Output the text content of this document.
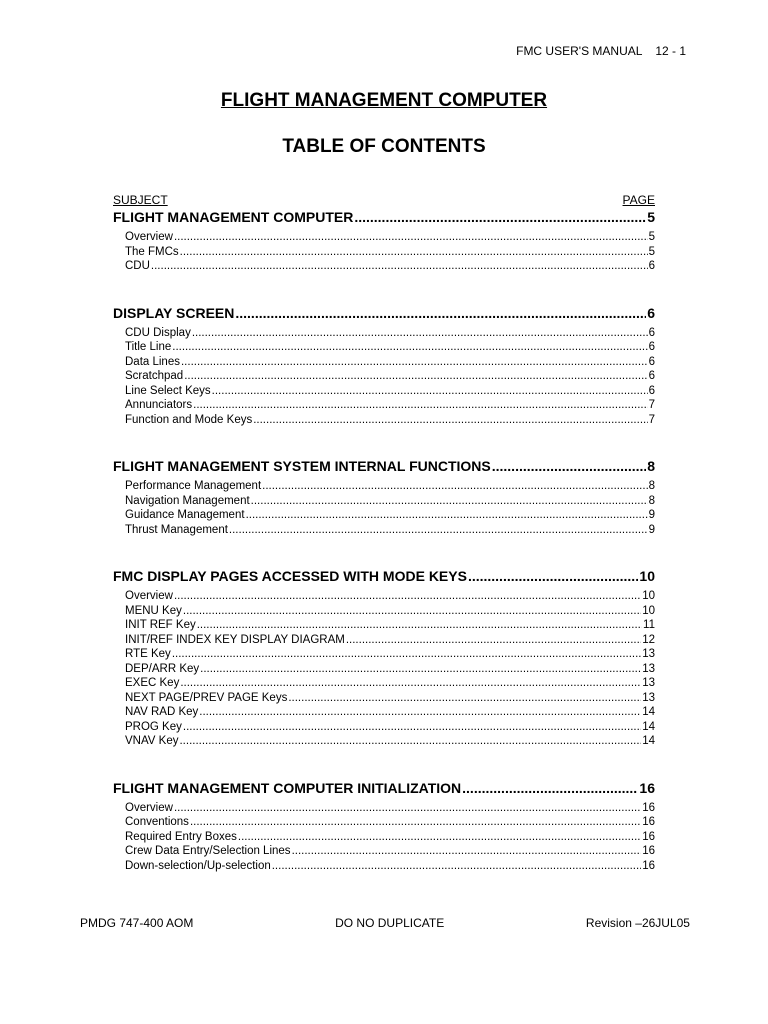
FMC USER'S MANUAL 12 - 1
FLIGHT MANAGEMENT COMPUTER
TABLE OF CONTENTS
SUBJECT	PAGE
FLIGHT MANAGEMENT COMPUTER .....	5
Overview .....	5
The FMCs .....	5
CDU .....	6
DISPLAY SCREEN .....	6
CDU Display .....	6
Title Line .....	6
Data Lines .....	6
Scratchpad .....	6
Line Select Keys .....	6
Annunciators .....	7
Function and Mode Keys .....	7
FLIGHT MANAGEMENT SYSTEM INTERNAL FUNCTIONS .....	8
Performance Management .....	8
Navigation Management .....	8
Guidance Management .....	9
Thrust Management .....	9
FMC DISPLAY PAGES ACCESSED WITH MODE KEYS .....	10
Overview .....	10
MENU Key .....	10
INIT REF Key .....	11
INIT/REF INDEX KEY DISPLAY DIAGRAM .....	12
RTE Key .....	13
DEP/ARR Key .....	13
EXEC Key .....	13
NEXT PAGE/PREV PAGE Keys .....	13
NAV RAD Key .....	14
PROG Key .....	14
VNAV Key .....	14
FLIGHT MANAGEMENT COMPUTER INITIALIZATION .....	16
Overview .....	16
Conventions .....	16
Required Entry Boxes .....	16
Crew Data Entry/Selection Lines .....	16
Down-selection/Up-selection .....	16
PMDG 747-400 AOM	DO NO DUPLICATE	Revision –26JUL05
